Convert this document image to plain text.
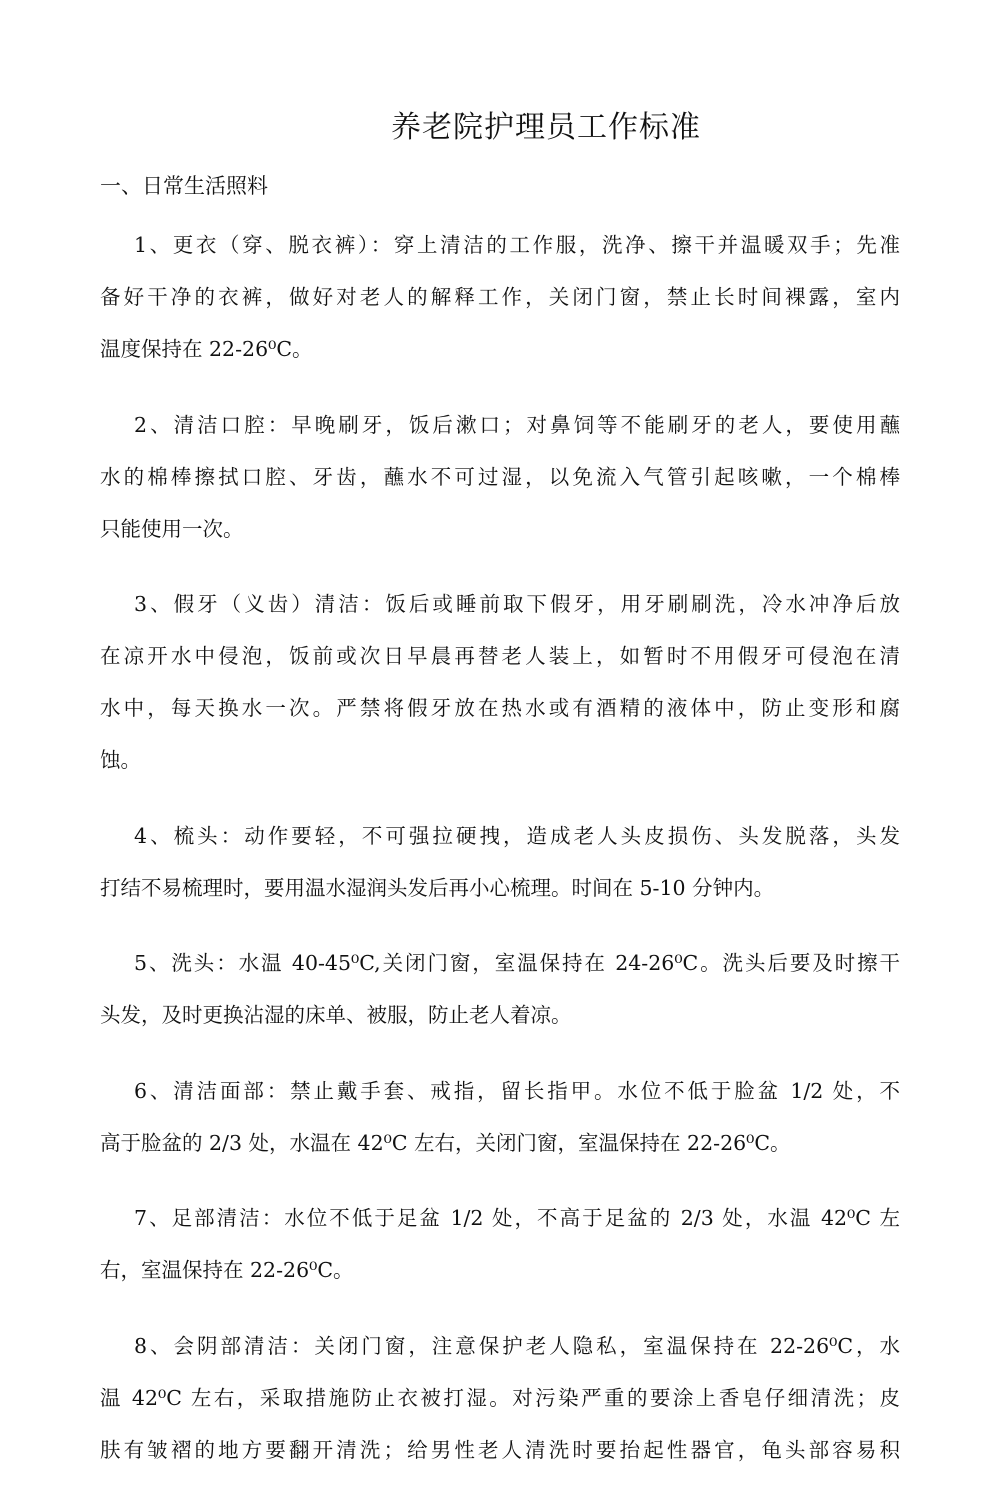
养老院护理员工作标准
一、日常生活照料
1、更衣（穿、脱衣裤）：穿上清洁的工作服，洗净、擦干并温暖双手；先准
备好干净的衣裤，做好对老人的解释工作，关闭门窗，禁止长时间裸露，室内
温度保持在 22-26⁰C。
2、清洁口腔：早晚刷牙，饭后漱口；对鼻饲等不能刷牙的老人，要使用蘸
水的棉棒擦拭口腔、牙齿，蘸水不可过湿，以免流入气管引起咳嗽，一个棉棒
只能使用一次。
3、假牙（义齿）清洁：饭后或睡前取下假牙，用牙刷刷洗，冷水冲净后放
在凉开水中侵泡，饭前或次日早晨再替老人装上，如暂时不用假牙可侵泡在清
水中，每天换水一次。严禁将假牙放在热水或有酒精的液体中，防止变形和腐
蚀。
4、梳头：动作要轻，不可强拉硬拽，造成老人头皮损伤、头发脱落，头发
打结不易梳理时，要用温水湿润头发后再小心梳理。时间在 5-10 分钟内。
5、洗头：水温 40-45⁰C,关闭门窗，室温保持在 24-26⁰C。洗头后要及时擦干
头发，及时更换沾湿的床单、被服，防止老人着凉。
6、清洁面部：禁止戴手套、戒指，留长指甲。水位不低于脸盆 1/2 处，不
高于脸盆的 2/3 处，水温在 42⁰C 左右，关闭门窗，室温保持在 22-26⁰C。
7、足部清洁：水位不低于足盆 1/2 处，不高于足盆的 2/3 处，水温 42⁰C 左
右，室温保持在 22-26⁰C。
8、会阴部清洁：关闭门窗，注意保护老人隐私，室温保持在 22-26⁰C，水
温 42⁰C 左右，采取措施防止衣被打湿。对污染严重的要涂上香皂仔细清洗；皮
肤有皱褶的地方要翻开清洗；给男性老人清洗时要抬起性器官，龟头部容易积
